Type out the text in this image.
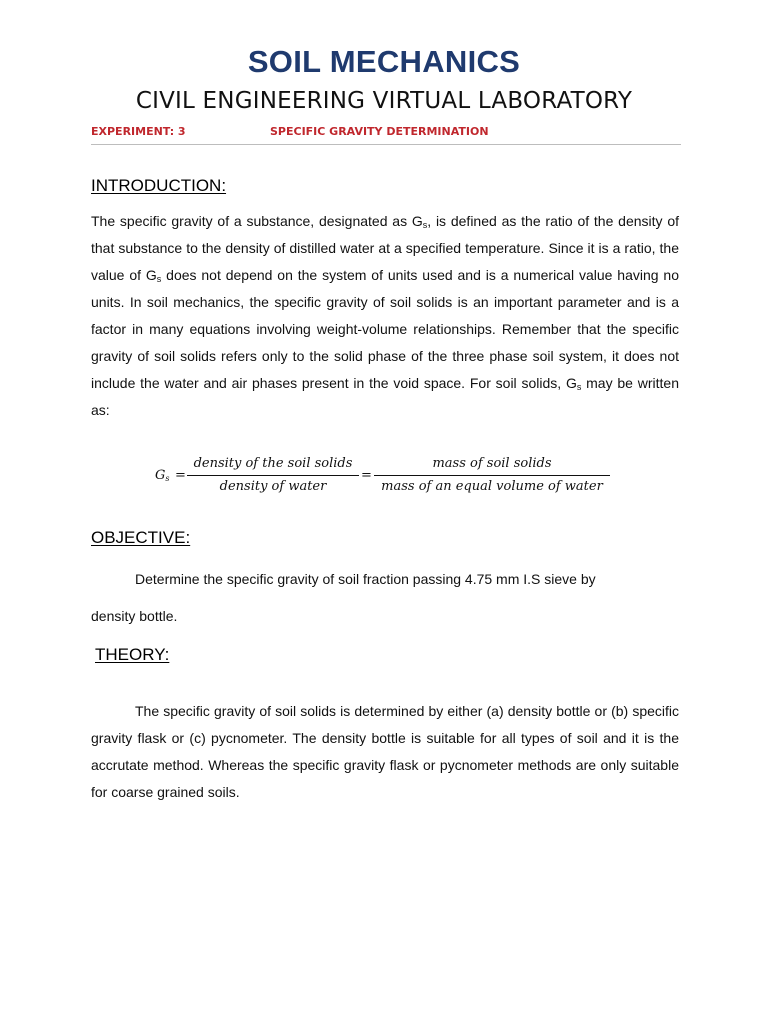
SOIL MECHANICS
CIVIL ENGINEERING VIRTUAL LABORATORY
EXPERIMENT: 3	SPECIFIC GRAVITY DETERMINATION
INTRODUCTION:
The specific gravity of a substance, designated as $G_s$, is defined as the ratio of the density of that substance to the density of distilled water at a specified temperature. Since it is a ratio, the value of $G_s$ does not depend on the system of units used and is a numerical value having no units. In soil mechanics, the specific gravity of soil solids is an important parameter and is a factor in many equations involving weight-volume relationships. Remember that the specific gravity of soil solids refers only to the solid phase of the three phase soil system, it does not include the water and air phases present in the void space. For soil solids, $G_s$ may be written as:
$G_s$ =
density of the soil solids
density of water
=
mass of soil solids
mass of an equal volume of water
OBJECTIVE:
Determine the specific gravity of soil fraction passing 4.75 mm I.S sieve by
density bottle.
THEORY:
The specific gravity of soil solids is determined by either (a) density bottle or (b) specific gravity flask or (c) pycnometer. The density bottle is suitable for all types of soil and it is the accrutate method. Whereas the specific gravity flask or pycnometer methods are only suitable for coarse grained soils.
